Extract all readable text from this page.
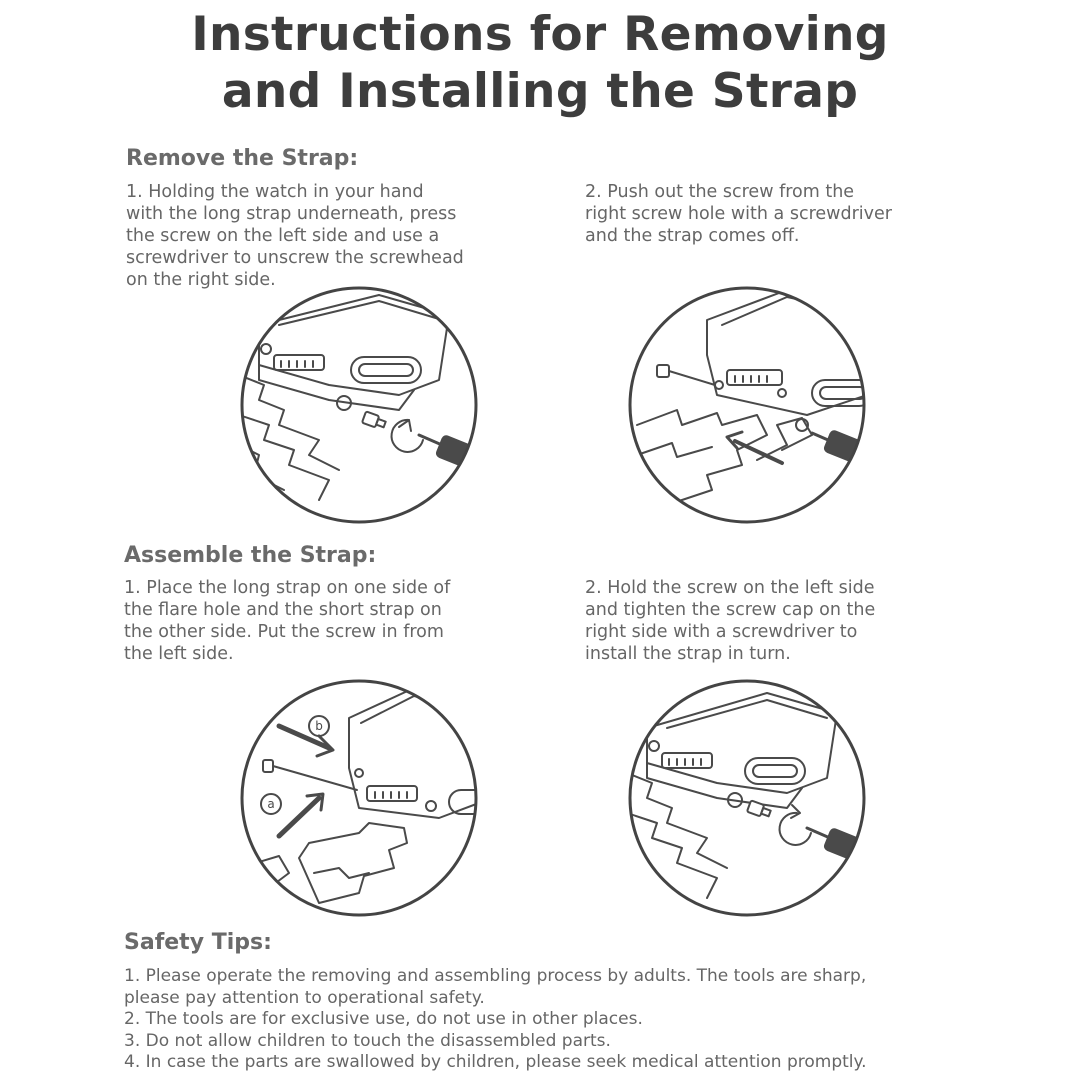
Instructions for Removing
and Installing the Strap
Remove the Strap:
1. Holding the watch in your hand
with the long strap underneath, press
the screw on the left side and use a
screwdriver to unscrew the screwhead
on the right side.
2. Push out the screw from the
right screw hole with a screwdriver
and the strap comes off.
Assemble the Strap:
1. Place the long strap on one side of
the flare hole and the short strap on
the other side. Put the screw in from
the left side.
2. Hold the screw on the left side
and tighten the screw cap on the
right side with a screwdriver to
install the strap in turn.
b
a
Safety Tips:
1. Please operate the removing and assembling process by adults. The tools are sharp,
please pay attention to operational safety.
2. The tools are for exclusive use, do not use in other places.
3. Do not allow children to touch the disassembled parts.
4. In case the parts are swallowed by children, please seek medical attention promptly.
